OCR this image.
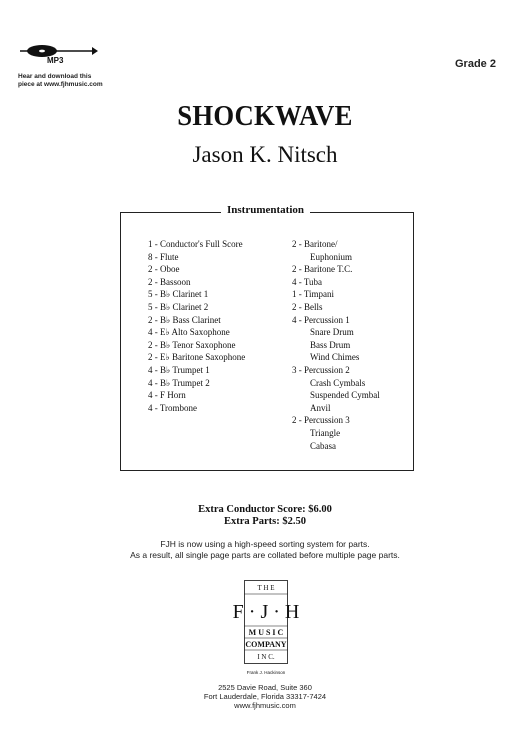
MP3
Hear and download this
piece at www.fjhmusic.com
Grade 2
SHOCKWAVE
Jason K. Nitsch
Instrumentation
1 - Conductor's Full Score
8 - Flute
2 - Oboe
2 - Bassoon
5 - B♭ Clarinet 1
5 - B♭ Clarinet 2
2 - B♭ Bass Clarinet
4 - E♭ Alto Saxophone
2 - B♭ Tenor Saxophone
2 - E♭ Baritone Saxophone
4 - B♭ Trumpet 1
4 - B♭ Trumpet 2
4 - F Horn
4 - Trombone
2 - Baritone/
Euphonium
2 - Baritone T.C.
4 - Tuba
1 - Timpani
2 - Bells
4 - Percussion 1
Snare Drum
Bass Drum
Wind Chimes
3 - Percussion 2
Crash Cymbals
Suspended Cymbal
Anvil
2 - Percussion 3
Triangle
Cabasa
Extra Conductor Score: $6.00
Extra Parts: $2.50
FJH is now using a high-speed sorting system for parts.
As a result, all single page parts are collated before multiple page parts.
T H E
F · J · H
M U S I C
COMPANY
I N C.
Frank J. Hackinson
2525 Davie Road, Suite 360
Fort Lauderdale, Florida 33317-7424
www.fjhmusic.com
